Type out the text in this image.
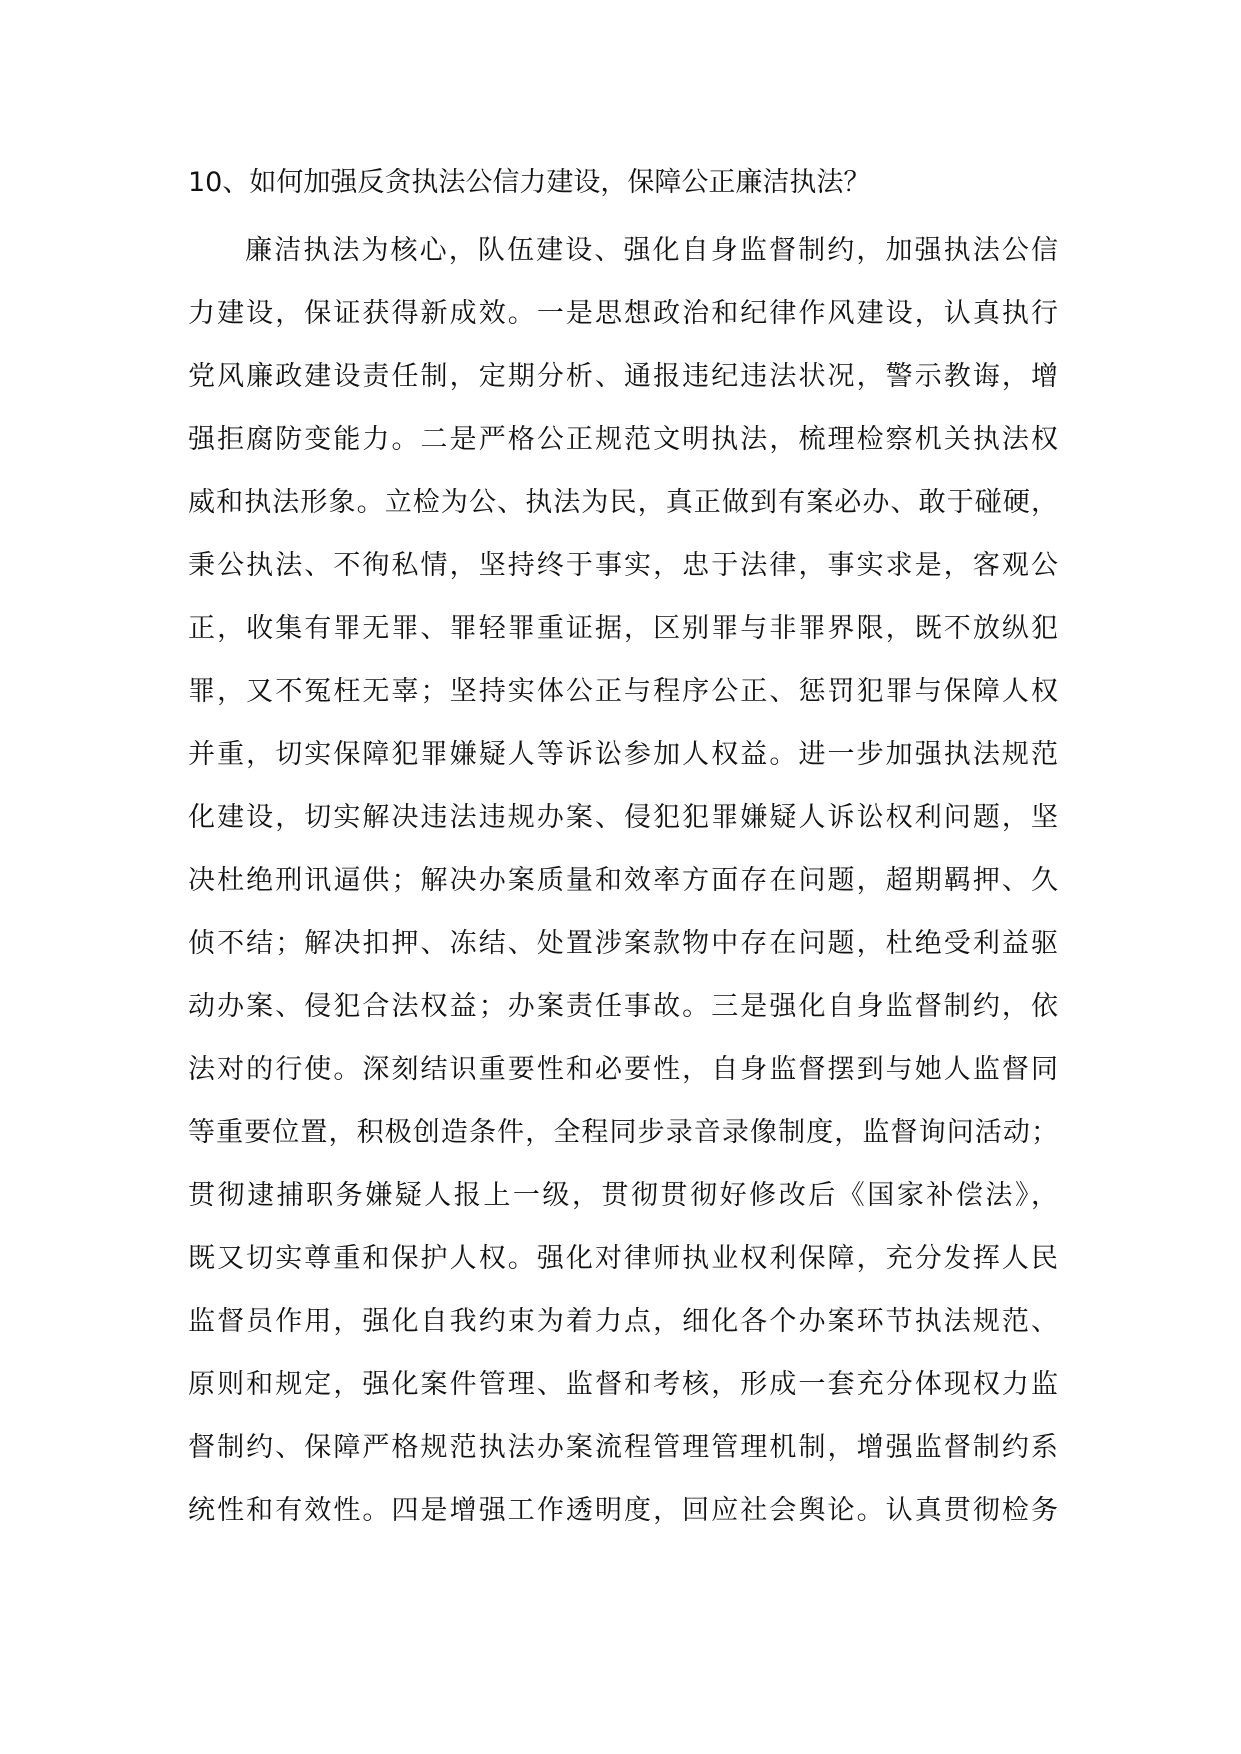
10、如何加强反贪执法公信力建设，保障公正廉洁执法？
廉洁执法为核心，队伍建设、强化自身监督制约，加强执法公信
力建设，保证获得新成效。一是思想政治和纪律作风建设，认真执行
党风廉政建设责任制，定期分析、通报违纪违法状况，警示教诲，增
强拒腐防变能力。二是严格公正规范文明执法，梳理检察机关执法权
威和执法形象。立检为公、执法为民，真正做到有案必办、敢于碰硬，
秉公执法、不徇私情，坚持终于事实，忠于法律，事实求是，客观公
正，收集有罪无罪、罪轻罪重证据，区别罪与非罪界限，既不放纵犯
罪，又不冤枉无辜；坚持实体公正与程序公正、惩罚犯罪与保障人权
并重，切实保障犯罪嫌疑人等诉讼参加人权益。进一步加强执法规范
化建设，切实解决违法违规办案、侵犯犯罪嫌疑人诉讼权利问题，坚
决杜绝刑讯逼供；解决办案质量和效率方面存在问题，超期羁押、久
侦不结；解决扣押、冻结、处置涉案款物中存在问题，杜绝受利益驱
动办案、侵犯合法权益；办案责任事故。三是强化自身监督制约，依
法对的行使。深刻结识重要性和必要性，自身监督摆到与她人监督同
等重要位置，积极创造条件，全程同步录音录像制度，监督询问活动；
贯彻逮捕职务嫌疑人报上一级，贯彻贯彻好修改后《国家补偿法》，
既又切实尊重和保护人权。强化对律师执业权利保障，充分发挥人民
监督员作用，强化自我约束为着力点，细化各个办案环节执法规范、
原则和规定，强化案件管理、监督和考核，形成一套充分体现权力监
督制约、保障严格规范执法办案流程管理管理机制，增强监督制约系
统性和有效性。四是增强工作透明度，回应社会舆论。认真贯彻检务
